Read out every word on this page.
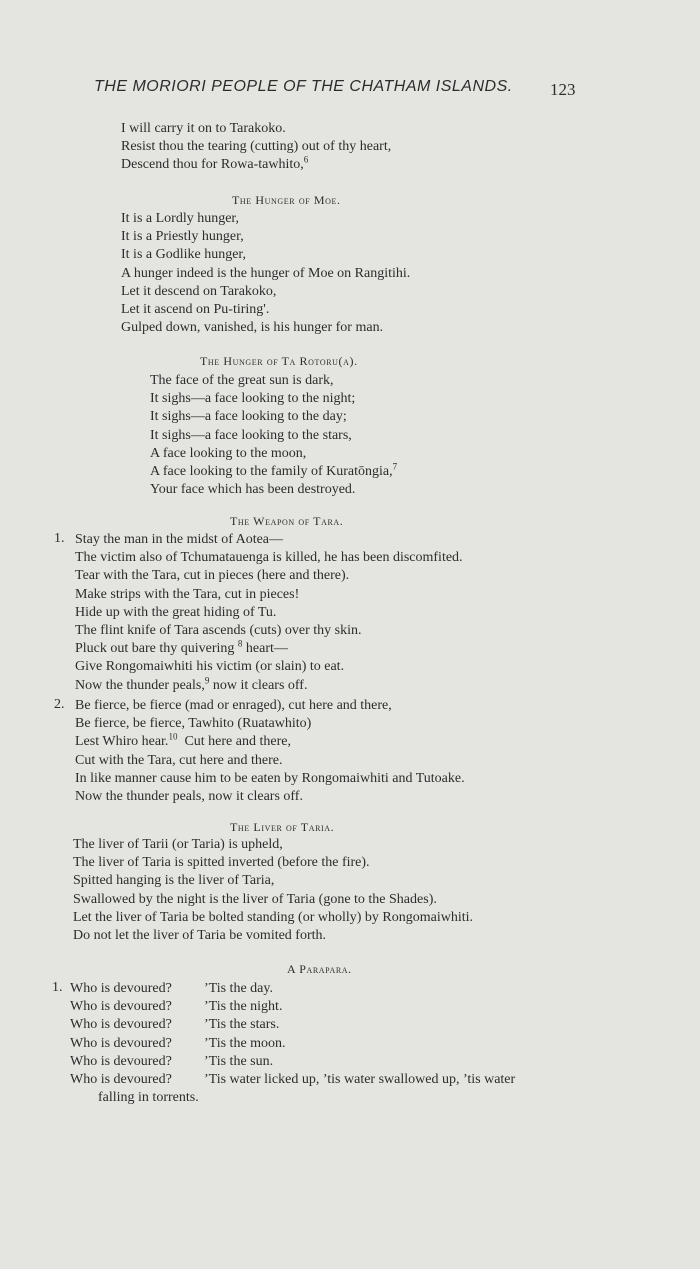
THE MORIORI PEOPLE OF THE CHATHAM ISLANDS.	123
I will carry it on to Tarakoko.
Resist thou the tearing (cutting) out of thy heart,
Descend thou for Rowa-tawhito,$^6$
The Hunger of Moe.
It is a Lordly hunger,
It is a Priestly hunger,
It is a Godlike hunger,
A hunger indeed is the hunger of Moe on Rangitihi.
Let it descend on Tarakoko,
Let it ascend on Pu-tiring'.
Gulped down, vanished, is his hunger for man.
The Hunger of Ta Rotoru(a).
The face of the great sun is dark,
It sighs—a face looking to the night;
It sighs—a face looking to the day;
It sighs—a face looking to the stars,
A face looking to the moon,
A face looking to the family of Kuratōngia,$^7$
Your face which has been destroyed.
The Weapon of Tara.
1. Stay the man in the midst of Aotea—
The victim also of Tchumatauenga is killed, he has been discomfited.
Tear with the Tara, cut in pieces (here and there).
Make strips with the Tara, cut in pieces!
Hide up with the great hiding of Tu.
The flint knife of Tara ascends (cuts) over thy skin.
Pluck out bare thy quivering $^8$ heart—
Give Rongomaiwhiti his victim (or slain) to eat.
Now the thunder peals,$^9$ now it clears off.
2. Be fierce, be fierce (mad or enraged), cut here and there,
Be fierce, be fierce, Tawhito (Ruatawhito)
Lest Whiro hear.$^{10}$  Cut here and there,
Cut with the Tara, cut here and there.
In like manner cause him to be eaten by Rongomaiwhiti and Tutoake.
Now the thunder peals, now it clears off.
The Liver of Taria.
The liver of Tarii (or Taria) is upheld,
The liver of Taria is spitted inverted (before the fire).
Spitted hanging is the liver of Taria,
Swallowed by the night is the liver of Taria (gone to the Shades).
Let the liver of Taria be bolted standing (or wholly) by Rongomaiwhiti.
Do not let the liver of Taria be vomited forth.
A Parapara.
1. Who is devoured?	’Tis the day.
Who is devoured?	’Tis the night.
Who is devoured?	’Tis the stars.
Who is devoured?	’Tis the moon.
Who is devoured?	’Tis the sun.
Who is devoured?	’Tis water licked up, ’tis water swallowed up, ’tis water
falling in torrents.
